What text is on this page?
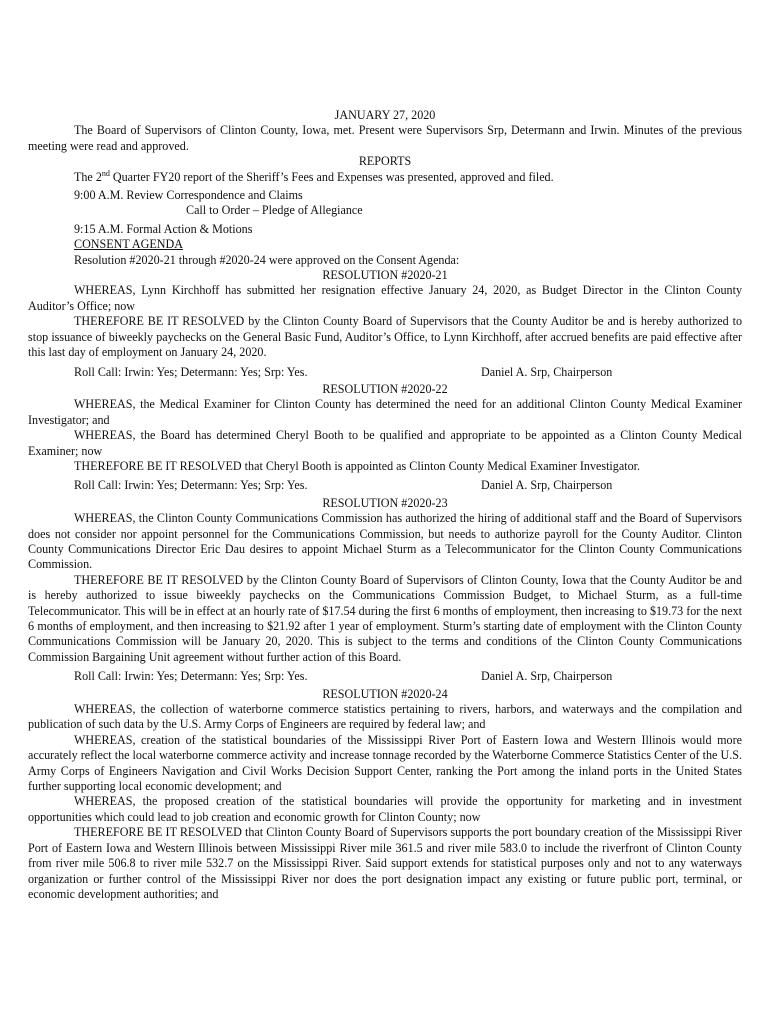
JANUARY 27, 2020

The Board of Supervisors of Clinton County, Iowa, met. Present were Supervisors Srp, Determann and Irwin. Minutes of the previous meeting were read and approved.

REPORTS

The 2nd Quarter FY20 report of the Sheriff’s Fees and Expenses was presented, approved and filed.

9:00 A.M. Review Correspondence and Claims
Call to Order – Pledge of Allegiance
9:15 A.M. Formal Action & Motions

CONSENT AGENDA

Resolution #2020-21 through #2020-24 were approved on the Consent Agenda:

RESOLUTION #2020-21

WHEREAS, Lynn Kirchhoff has submitted her resignation effective January 24, 2020, as Budget Director in the Clinton County Auditor’s Office; now

THEREFORE BE IT RESOLVED by the Clinton County Board of Supervisors that the County Auditor be and is hereby authorized to stop issuance of biweekly paychecks on the General Basic Fund, Auditor’s Office, to Lynn Kirchhoff, after accrued benefits are paid effective after this last day of employment on January 24, 2020.

Roll Call: Irwin: Yes; Determann: Yes; Srp: Yes.	Daniel A. Srp, Chairperson

RESOLUTION #2020-22

WHEREAS, the Medical Examiner for Clinton County has determined the need for an additional Clinton County Medical Examiner Investigator; and

WHEREAS, the Board has determined Cheryl Booth to be qualified and appropriate to be appointed as a Clinton County Medical Examiner; now

THEREFORE BE IT RESOLVED that Cheryl Booth is appointed as Clinton County Medical Examiner Investigator.

Roll Call: Irwin: Yes; Determann: Yes; Srp: Yes.	Daniel A. Srp, Chairperson

RESOLUTION #2020-23

WHEREAS, the Clinton County Communications Commission has authorized the hiring of additional staff and the Board of Supervisors does not consider nor appoint personnel for the Communications Commission, but needs to authorize payroll for the County Auditor. Clinton County Communications Director Eric Dau desires to appoint Michael Sturm as a Telecommunicator for the Clinton County Communications Commission.

THEREFORE BE IT RESOLVED by the Clinton County Board of Supervisors of Clinton County, Iowa that the County Auditor be and is hereby authorized to issue biweekly paychecks on the Communications Commission Budget, to Michael Sturm, as a full-time Telecommunicator. This will be in effect at an hourly rate of $17.54 during the first 6 months of employment, then increasing to $19.73 for the next 6 months of employment, and then increasing to $21.92 after 1 year of employment. Sturm’s starting date of employment with the Clinton County Communications Commission will be January 20, 2020. This is subject to the terms and conditions of the Clinton County Communications Commission Bargaining Unit agreement without further action of this Board.

Roll Call: Irwin: Yes; Determann: Yes; Srp: Yes.	Daniel A. Srp, Chairperson

RESOLUTION #2020-24

WHEREAS, the collection of waterborne commerce statistics pertaining to rivers, harbors, and waterways and the compilation and publication of such data by the U.S. Army Corps of Engineers are required by federal law; and

WHEREAS, creation of the statistical boundaries of the Mississippi River Port of Eastern Iowa and Western Illinois would more accurately reflect the local waterborne commerce activity and increase tonnage recorded by the Waterborne Commerce Statistics Center of the U.S. Army Corps of Engineers Navigation and Civil Works Decision Support Center, ranking the Port among the inland ports in the United States further supporting local economic development; and

WHEREAS, the proposed creation of the statistical boundaries will provide the opportunity for marketing and in investment opportunities which could lead to job creation and economic growth for Clinton County; now

THEREFORE BE IT RESOLVED that Clinton County Board of Supervisors supports the port boundary creation of the Mississippi River Port of Eastern Iowa and Western Illinois between Mississippi River mile 361.5 and river mile 583.0 to include the riverfront of Clinton County from river mile 506.8 to river mile 532.7 on the Mississippi River. Said support extends for statistical purposes only and not to any waterways organization or further control of the Mississippi River nor does the port designation impact any existing or future public port, terminal, or economic development authorities; and
